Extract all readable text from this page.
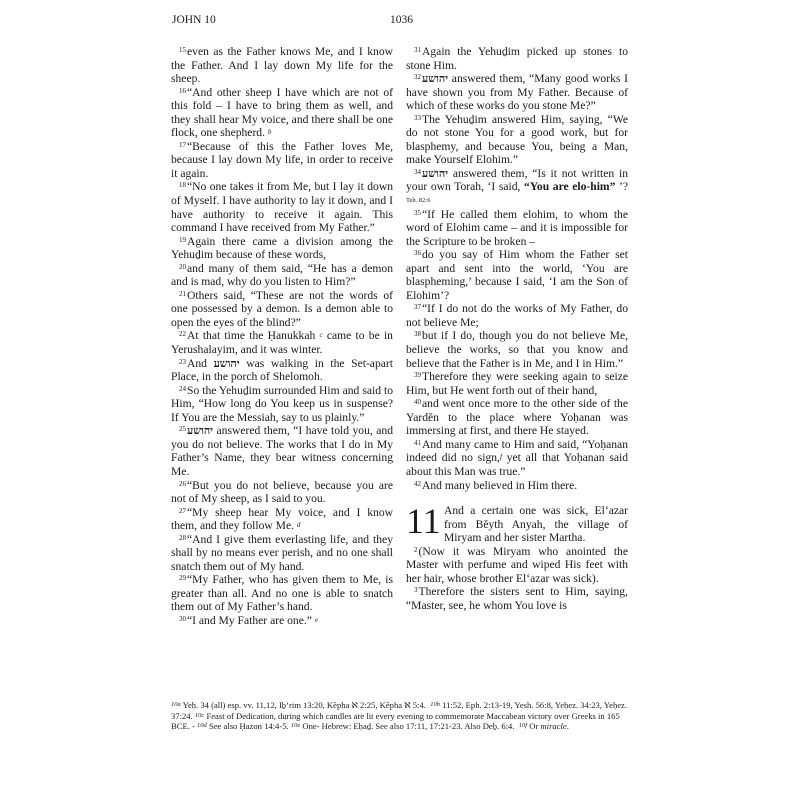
JOHN 10	1036

$^{15}$even as the Father knows Me, and I know the Father. And I lay down My life for the sheep.

$^{16}$“And other sheep I have which are not of this fold – I have to bring them as well, and they shall hear My voice, and there shall be one flock, one shepherd. $^b$

$^{17}$“Because of this the Father loves Me, because I lay down My life, in order to receive it again.

$^{18}$“No one takes it from Me, but I lay it down of Myself. I have authority to lay it down, and I have authority to receive it again. This command I have received from My Father.”

$^{19}$Again there came a division among the Yehuḏim because of these words,

$^{20}$and many of them said, “He has a demon and is mad, why do you listen to Him?”

$^{21}$Others said, “These are not the words of one possessed by a demon. Is a demon able to open the eyes of the blind?”

$^{22}$At that time the Ḥanukkah $^c$ came to be in Yerushalayim, and it was winter.

$^{23}$And יהושע was walking in the Set-apart Place, in the porch of Shelomoh.

$^{24}$So the Yehuḏim surrounded Him and said to Him, “How long do You keep us in suspense? If You are the Messiah, say to us plainly.”

$^{25}$יהושע answered them, “I have told you, and you do not believe. The works that I do in My Father’s Name, they bear witness concerning Me.

$^{26}$“But you do not believe, because you are not of My sheep, as I said to you.

$^{27}$“My sheep hear My voice, and I know them, and they follow Me. $^d$

$^{28}$“And I give them everlasting life, and they shall by no means ever perish, and no one shall snatch them out of My hand.

$^{29}$“My Father, who has given them to Me, is greater than all. And no one is able to snatch them out of My Father’s hand.

$^{30}$“I and My Father are one.” $^e$

$^{31}$Again the Yehuḏim picked up stones to stone Him.

$^{32}$יהושע answered them, “Many good works I have shown you from My Father. Because of which of these works do you stone Me?”

$^{33}$The Yehuḏim answered Him, saying, “We do not stone You for a good work, but for blasphemy, and because You, being a Man, make Yourself Elohim.”

$^{34}$יהושע answered them, “Is it not written in your own Torah, ‘I said, “You are elo-him” ’? $^{Teh. 82:6}$

$^{35}$“If He called them elohim, to whom the word of Elohim came – and it is impossible for the Scripture to be broken –

$^{36}$do you say of Him whom the Father set apart and sent into the world, ‘You are blaspheming,’ because I said, ‘I am the Son of Elohim’?

$^{37}$“If I do not do the works of My Father, do not believe Me;

$^{38}$but if I do, though you do not believe Me, believe the works, so that you know and believe that the Father is in Me, and I in Him.”

$^{39}$Therefore they were seeking again to seize Him, but He went forth out of their hand,

$^{40}$and went once more to the other side of the Yardĕn to the place where Yoḥanan was immersing at first, and there He stayed.

$^{41}$And many came to Him and said, “Yoḥanan indeed did no sign,$^f$ yet all that Yoḥanan said about this Man was true.”

$^{42}$And many believed in Him there.

11 And a certain one was sick, El‘azar from Bĕyth Anyah, the village of Miryam and her sister Martha.

$^2$(Now it was Miryam who anointed the Master with perfume and wiped His feet with her hair, whose brother El‘azar was sick).

$^3$Therefore the sisters sent to Him, saying, “Master, see, he whom You love is

$^{10a}$ Yeḥ. 34 (all) esp. vv. 11,12, Iḇ‘rim 13:20, Kĕpha ℵ 2:25, Kĕpha ℵ 5:4. $^{10b}$ 11:52, Eph. 2:13-19, Yesh. 56:8, Yeḥez. 34:23, Yeḥez. 37:24. $^{10c}$ Feast of Dedication, during which candles are lit every evening to commemorate Maccabean victory over Greeks in 165 BCE. - $^{10d}$ See also Ḥazon 14:4-5. $^{10e}$ One- Hebrew: Eḥaḏ. See also 17:11, 17:21-23. Also Deḇ. 6:4. $^{10f}$ Or miracle.
